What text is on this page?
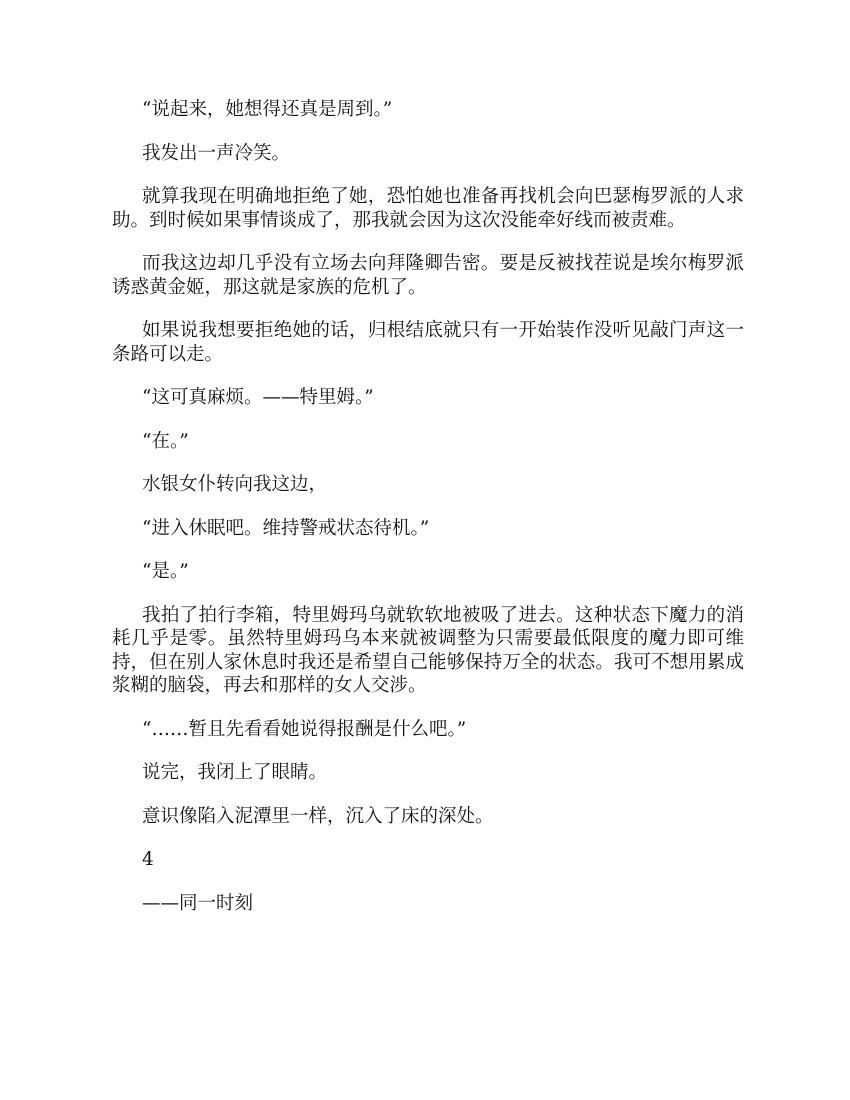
“说起来，她想得还真是周到。”

我发出一声冷笑。

就算我现在明确地拒绝了她，恐怕她也准备再找机会向巴瑟梅罗派的人求助。到时候如果事情谈成了，那我就会因为这次没能牵好线而被责难。

而我这边却几乎没有立场去向拜隆卿告密。要是反被找茬说是埃尔梅罗派诱惑黄金姬，那这就是家族的危机了。

如果说我想要拒绝她的话，归根结底就只有一开始装作没听见敲门声这一条路可以走。

“这可真麻烦。——特里姆。”

“在。”

水银女仆转向我这边，

“进入休眠吧。维持警戒状态待机。”

“是。”

我拍了拍行李箱，特里姆玛乌就软软地被吸了进去。这种状态下魔力的消耗几乎是零。虽然特里姆玛乌本来就被调整为只需要最低限度的魔力即可维持，但在别人家休息时我还是希望自己能够保持万全的状态。我可不想用累成浆糊的脑袋，再去和那样的女人交涉。

“……暂且先看看她说得报酬是什么吧。”

说完，我闭上了眼睛。

意识像陷入泥潭里一样，沉入了床的深处。

4

——同一时刻
